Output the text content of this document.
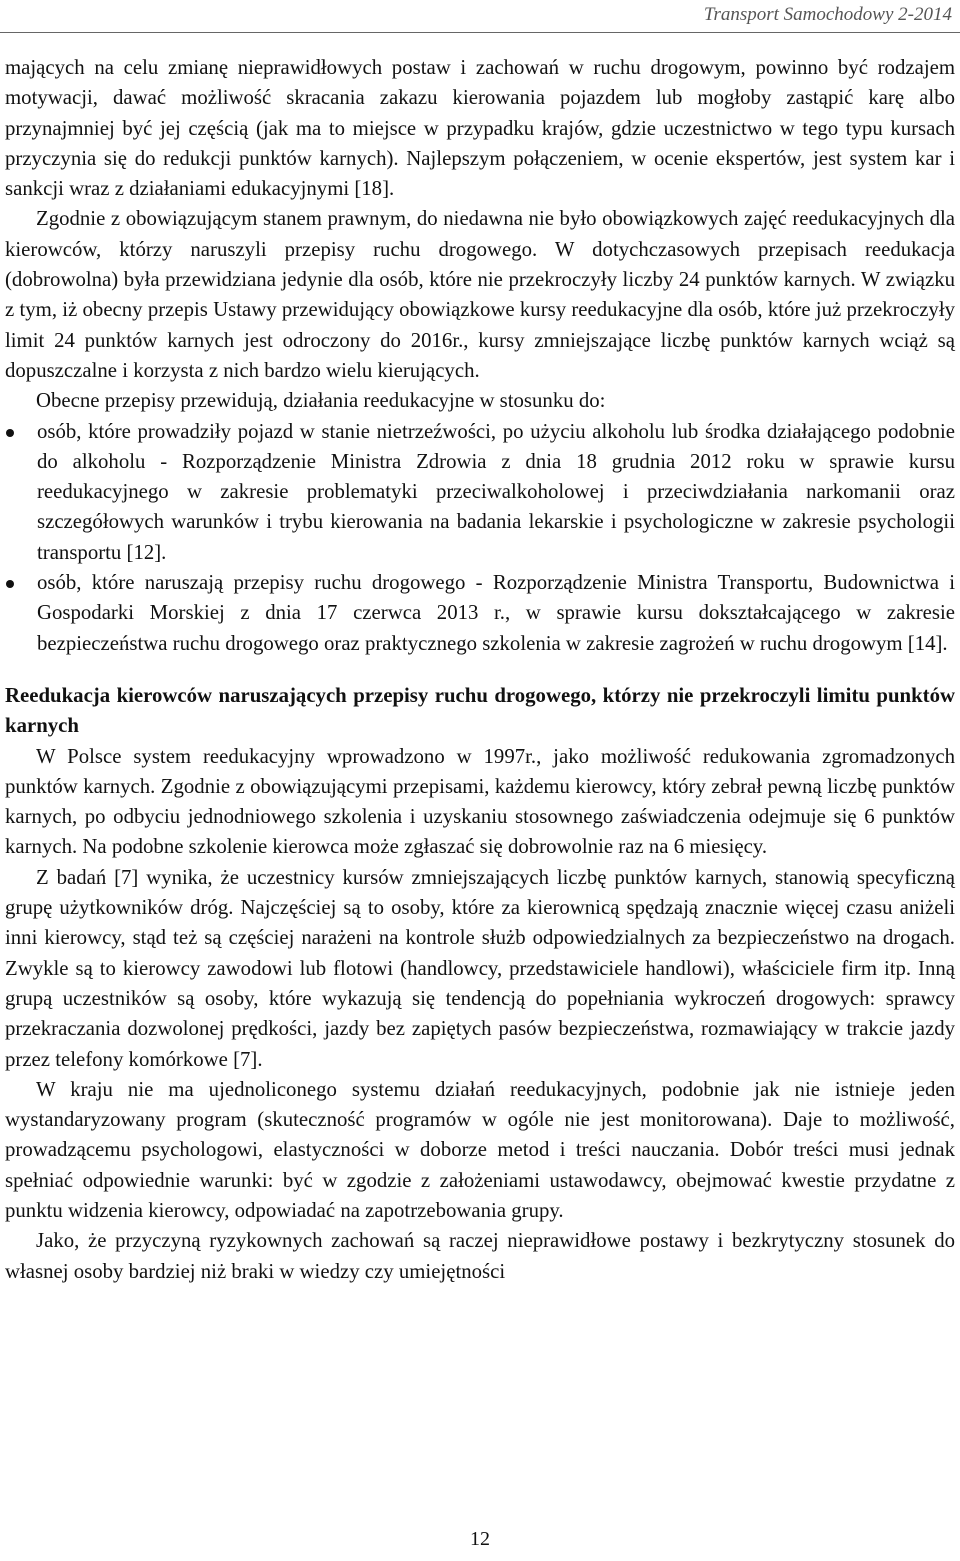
Transport Samochodowy 2-2014

mających na celu zmianę nieprawidłowych postaw i zachowań w ruchu drogowym, powinno być rodzajem motywacji, dawać możliwość skracania zakazu kierowania pojazdem lub mogłoby zastąpić karę albo przynajmniej być jej częścią (jak ma to miejsce w przypadku krajów, gdzie uczestnictwo w tego typu kursach przyczynia się do redukcji punktów karnych). Najlepszym połączeniem, w ocenie ekspertów, jest system kar i sankcji wraz z działaniami edukacyjnymi [18].

Zgodnie z obowiązującym stanem prawnym, do niedawna nie było obowiązkowych zajęć reedukacyjnych dla kierowców, którzy naruszyli przepisy ruchu drogowego. W dotychczasowych przepisach reedukacja (dobrowolna) była przewidziana jedynie dla osób, które nie przekroczyły liczby 24 punktów karnych. W związku z tym, iż obecny przepis Ustawy przewidujący obowiązkowe kursy reedukacyjne dla osób, które już przekroczyły limit 24 punktów karnych jest odroczony do 2016r., kursy zmniejszające liczbę punktów karnych wciąż są dopuszczalne i korzysta z nich bardzo wielu kierujących.

Obecne przepisy przewidują, działania reedukacyjne w stosunku do:

osób, które prowadziły pojazd w stanie nietrzeźwości, po użyciu alkoholu lub środka działającego podobnie do alkoholu - Rozporządzenie Ministra Zdrowia z dnia 18 grudnia 2012 roku w sprawie kursu reedukacyjnego w zakresie problematyki przeciwalkoholowej i przeciwdziałania narkomanii oraz szczegółowych warunków i trybu kierowania na badania lekarskie i psychologiczne w zakresie psychologii transportu [12].
osób, które naruszają przepisy ruchu drogowego - Rozporządzenie Ministra Transportu, Budownictwa i Gospodarki Morskiej z dnia 17 czerwca 2013 r., w sprawie kursu dokształcającego w zakresie bezpieczeństwa ruchu drogowego oraz praktycznego szkolenia w zakresie zagrożeń w ruchu drogowym [14].
Reedukacja kierowców naruszających przepisy ruchu drogowego, którzy nie przekroczyli limitu punktów karnych

W Polsce system reedukacyjny wprowadzono w 1997r., jako możliwość redukowania zgromadzonych punktów karnych. Zgodnie z obowiązującymi przepisami, każdemu kierowcy, który zebrał pewną liczbę punktów karnych, po odbyciu jednodniowego szkolenia i uzyskaniu stosownego zaświadczenia odejmuje się 6 punktów karnych. Na podobne szkolenie kierowca może zgłaszać się dobrowolnie raz na 6 miesięcy.

Z badań [7] wynika, że uczestnicy kursów zmniejszających liczbę punktów karnych, stanowią specyficzną grupę użytkowników dróg. Najczęściej są to osoby, które za kierownicą spędzają znacznie więcej czasu aniżeli inni kierowcy, stąd też są częściej narażeni na kontrole służb odpowiedzialnych za bezpieczeństwo na drogach. Zwykle są to kierowcy zawodowi lub flotowi (handlowcy, przedstawiciele handlowi), właściciele firm itp. Inną grupą uczestników są osoby, które wykazują się tendencją do popełniania wykroczeń drogowych: sprawcy przekraczania dozwolonej prędkości, jazdy bez zapiętych pasów bezpieczeństwa, rozmawiający w trakcie jazdy przez telefony komórkowe [7].

W kraju nie ma ujednoliconego systemu działań reedukacyjnych, podobnie jak nie istnieje jeden wystandaryzowany program (skuteczność programów w ogóle nie jest monitorowana). Daje to możliwość, prowadzącemu psychologowi, elastyczności w doborze metod i treści nauczania. Dobór treści musi jednak spełniać odpowiednie warunki: być w zgodzie z założeniami ustawodawcy, obejmować kwestie przydatne z punktu widzenia kierowcy, odpowiadać na zapotrzebowania grupy.

Jako, że przyczyną ryzykownych zachowań są raczej nieprawidłowe postawy i bezkrytyczny stosunek do własnej osoby bardziej niż braki w wiedzy czy umiejętności

12
